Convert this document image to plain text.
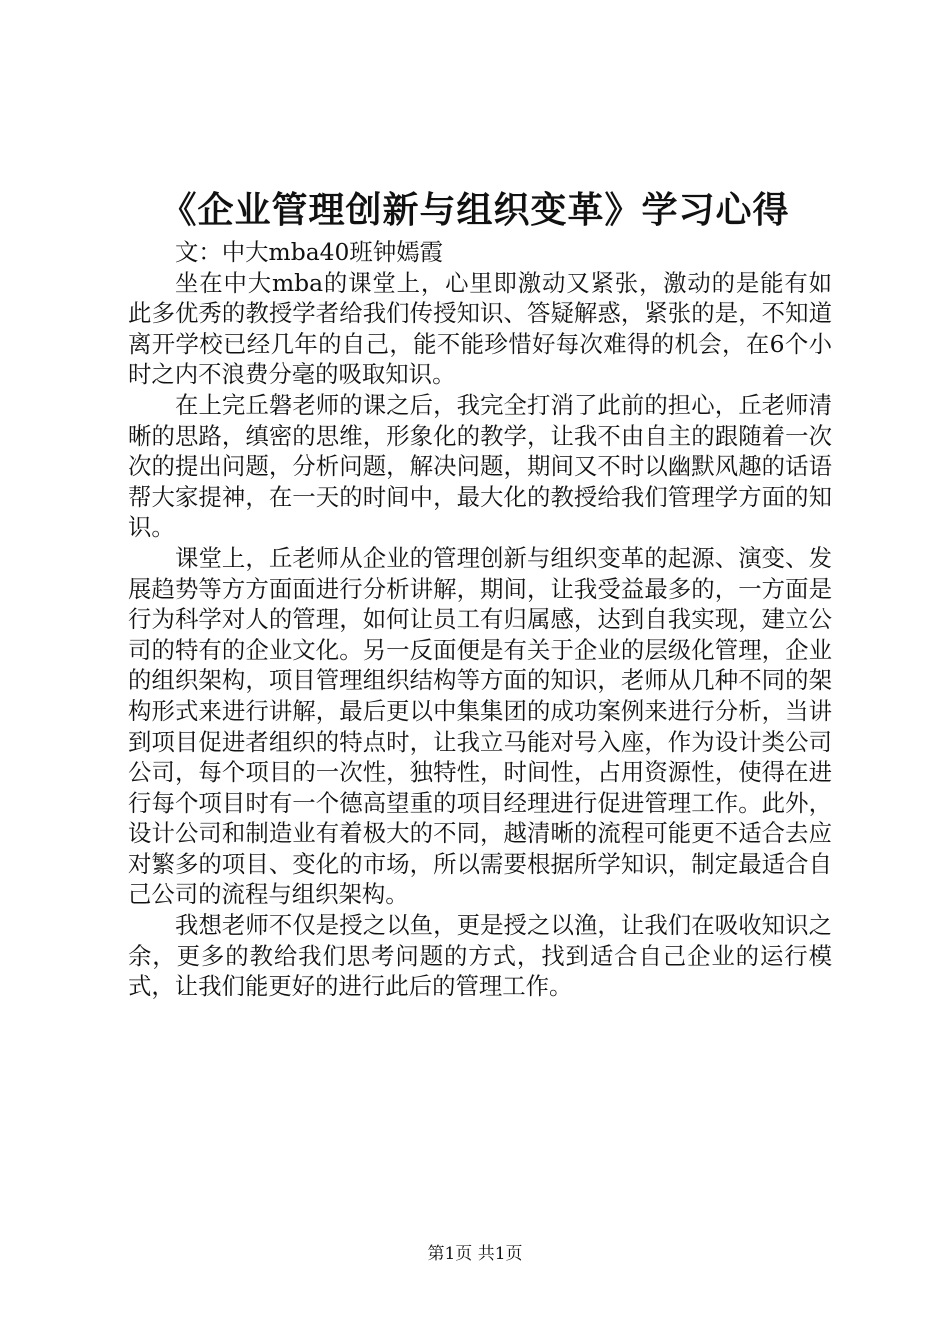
《企业管理创新与组织变革》学习心得

文：中大mba40班钟嫣霞

坐在中大mba的课堂上，心里即激动又紧张，激动的是能有如此多优秀的教授学者给我们传授知识、答疑解惑，紧张的是，不知道离开学校已经几年的自己，能不能珍惜好每次难得的机会，在6个小时之内不浪费分毫的吸取知识。

在上完丘磐老师的课之后，我完全打消了此前的担心，丘老师清晰的思路，缜密的思维，形象化的教学，让我不由自主的跟随着一次次的提出问题，分析问题，解决问题，期间又不时以幽默风趣的话语帮大家提神，在一天的时间中，最大化的教授给我们管理学方面的知识。

课堂上，丘老师从企业的管理创新与组织变革的起源、演变、发展趋势等方方面面进行分析讲解，期间，让我受益最多的，一方面是行为科学对人的管理，如何让员工有归属感，达到自我实现，建立公司的特有的企业文化。另一反面便是有关于企业的层级化管理，企业的组织架构，项目管理组织结构等方面的知识，老师从几种不同的架构形式来进行讲解，最后更以中集集团的成功案例来进行分析，当讲到项目促进者组织的特点时，让我立马能对号入座，作为设计类公司公司，每个项目的一次性，独特性，时间性，占用资源性，使得在进行每个项目时有一个德高望重的项目经理进行促进管理工作。此外，设计公司和制造业有着极大的不同，越清晰的流程可能更不适合去应对繁多的项目、变化的市场，所以需要根据所学知识，制定最适合自己公司的流程与组织架构。

我想老师不仅是授之以鱼，更是授之以渔，让我们在吸收知识之余，更多的教给我们思考问题的方式，找到适合自己企业的运行模式，让我们能更好的进行此后的管理工作。

第1页 共1页
